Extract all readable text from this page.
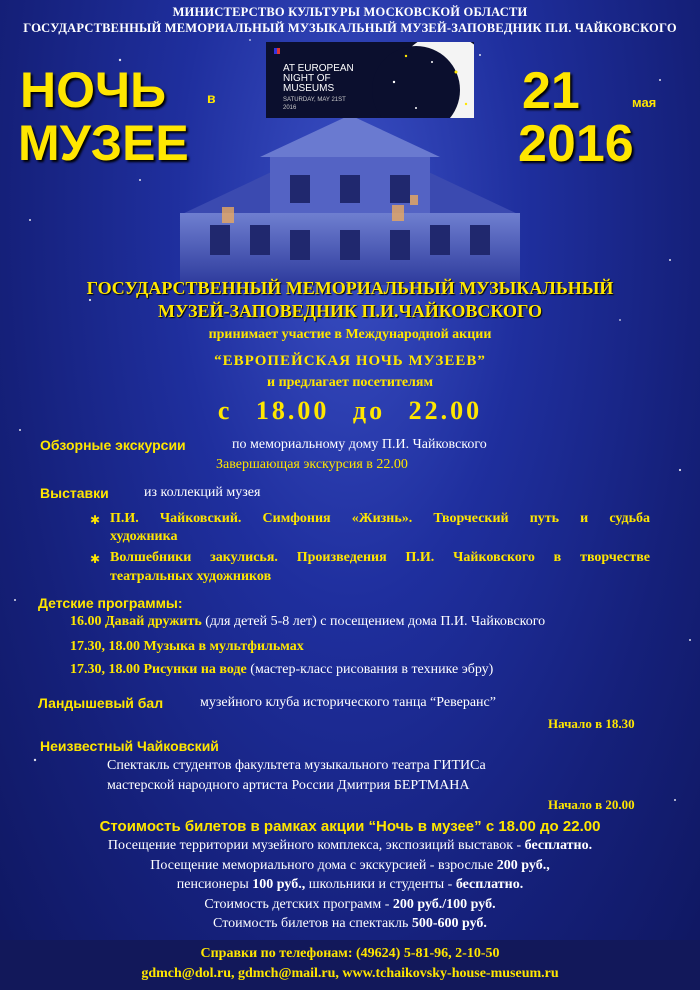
МИНИСТЕРСТВО КУЛЬТУРЫ МОСКОВСКОЙ ОБЛАСТИ
ГОСУДАРСТВЕННЫЙ МЕМОРИАЛЬНЫЙ МУЗЫКАЛЬНЫЙ МУЗЕЙ-ЗАПОВЕДНИК П.И. ЧАЙКОВСКОГО
НОЧЬ	в
МУЗЕЕ
21	мая
2016
AT EUROPEAN
NIGHT OF
MUSEUMS
SATURDAY, MAY 21ST
2016
ГОСУДАРСТВЕННЫЙ МЕМОРИАЛЬНЫЙ МУЗЫКАЛЬНЫЙ
МУЗЕЙ-ЗАПОВЕДНИК П.И.ЧАЙКОВСКОГО
принимает участие в Международной акции
“ЕВРОПЕЙСКАЯ НОЧЬ МУЗЕЕВ”
и предлагает посетителям
с 18.00 до 22.00
Обзорные экскурсии	по мемориальному дому П.И. Чайковского
Завершающая экскурсия в 22.00
Выставки	из коллекций музея
✱ П.И. Чайковский. Симфония «Жизнь». Творческий путь и судьба
художника
✱ Волшебники закулисья. Произведения П.И. Чайковского в творчестве
театральных художников
Детские программы:
16.00 Давай дружить (для детей 5-8 лет) с посещением дома П.И. Чайковского
17.30, 18.00 Музыка в мультфильмах
17.30, 18.00 Рисунки на воде (мастер-класс рисования в технике эбру)
Ландышевый бал	музейного клуба исторического танца “Реверанс”
Начало в 18.30
Неизвестный Чайковский
Спектакль студентов факультета музыкального театра ГИТИСа
мастерской народного артиста России Дмитрия БЕРТМАНА
Начало в 20.00
Стоимость билетов в рамках акции “Ночь в музее” с 18.00 до 22.00
Посещение территории музейного комплекса, экспозиций выставок - бесплатно.
Посещение мемориального дома с экскурсией - взрослые 200 руб.,
пенсионеры 100 руб., школьники и студенты - бесплатно.
Стоимость детских программ - 200 руб./100 руб.
Стоимость билетов на спектакль 500-600 руб.
Справки по телефонам: (49624) 5-81-96, 2-10-50
gdmch@dol.ru, gdmch@mail.ru, www.tchaikovsky-house-museum.ru
